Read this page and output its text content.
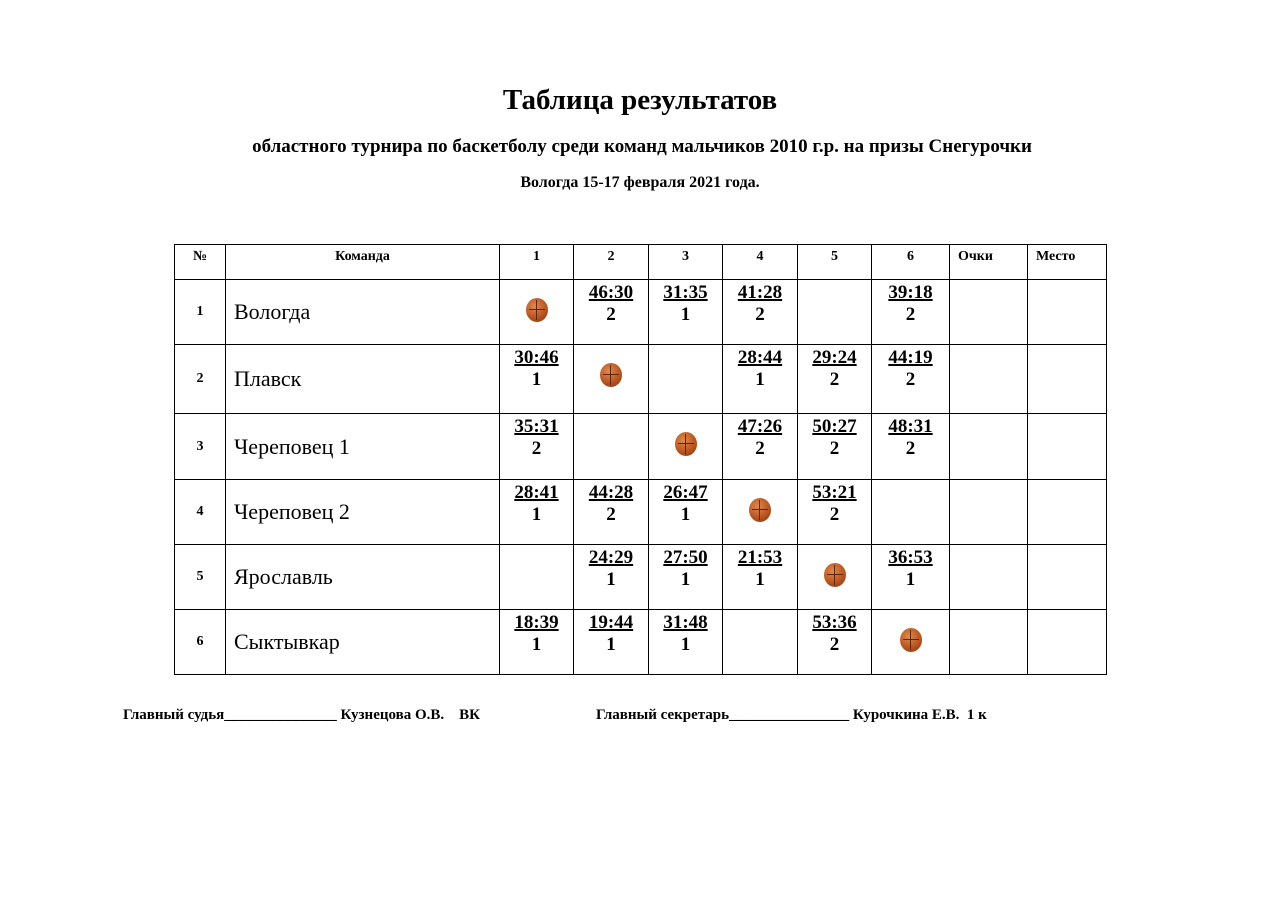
Таблица результатов
областного турнира по баскетболу среди команд мальчиков 2010 г.р. на призы Снегурочки
Вологда 15-17 февраля 2021 года.
№	Команда	1	2	3	4	5	6	Очки	Место
1	Вологда		$\frac{46:30}{2}$	$\frac{31:35}{1}$	$\frac{41:28}{2}$		$\frac{39:18}{2}$

2	Плавск	$\frac{30:46}{1}$			$\frac{28:44}{1}$	$\frac{29:24}{2}$	$\frac{44:19}{2}$

3	Череповец 1	$\frac{35:31}{2}$			$\frac{47:26}{2}$	$\frac{50:27}{2}$	$\frac{48:31}{2}$

4	Череповец 2	$\frac{28:41}{1}$	$\frac{44:28}{2}$	$\frac{26:47}{1}$		$\frac{53:21}{2}$

5	Ярославль		$\frac{24:29}{1}$	$\frac{27:50}{1}$	$\frac{21:53}{1}$		$\frac{36:53}{1}$

6	Сыктывкар	$\frac{18:39}{1}$	$\frac{19:44}{1}$	$\frac{31:48}{1}$		$\frac{53:36}{2}$

Главный судья_______________ Кузнецова О.В.    ВК	Главный секретарь________________ Курочкина Е.В.  1 к
